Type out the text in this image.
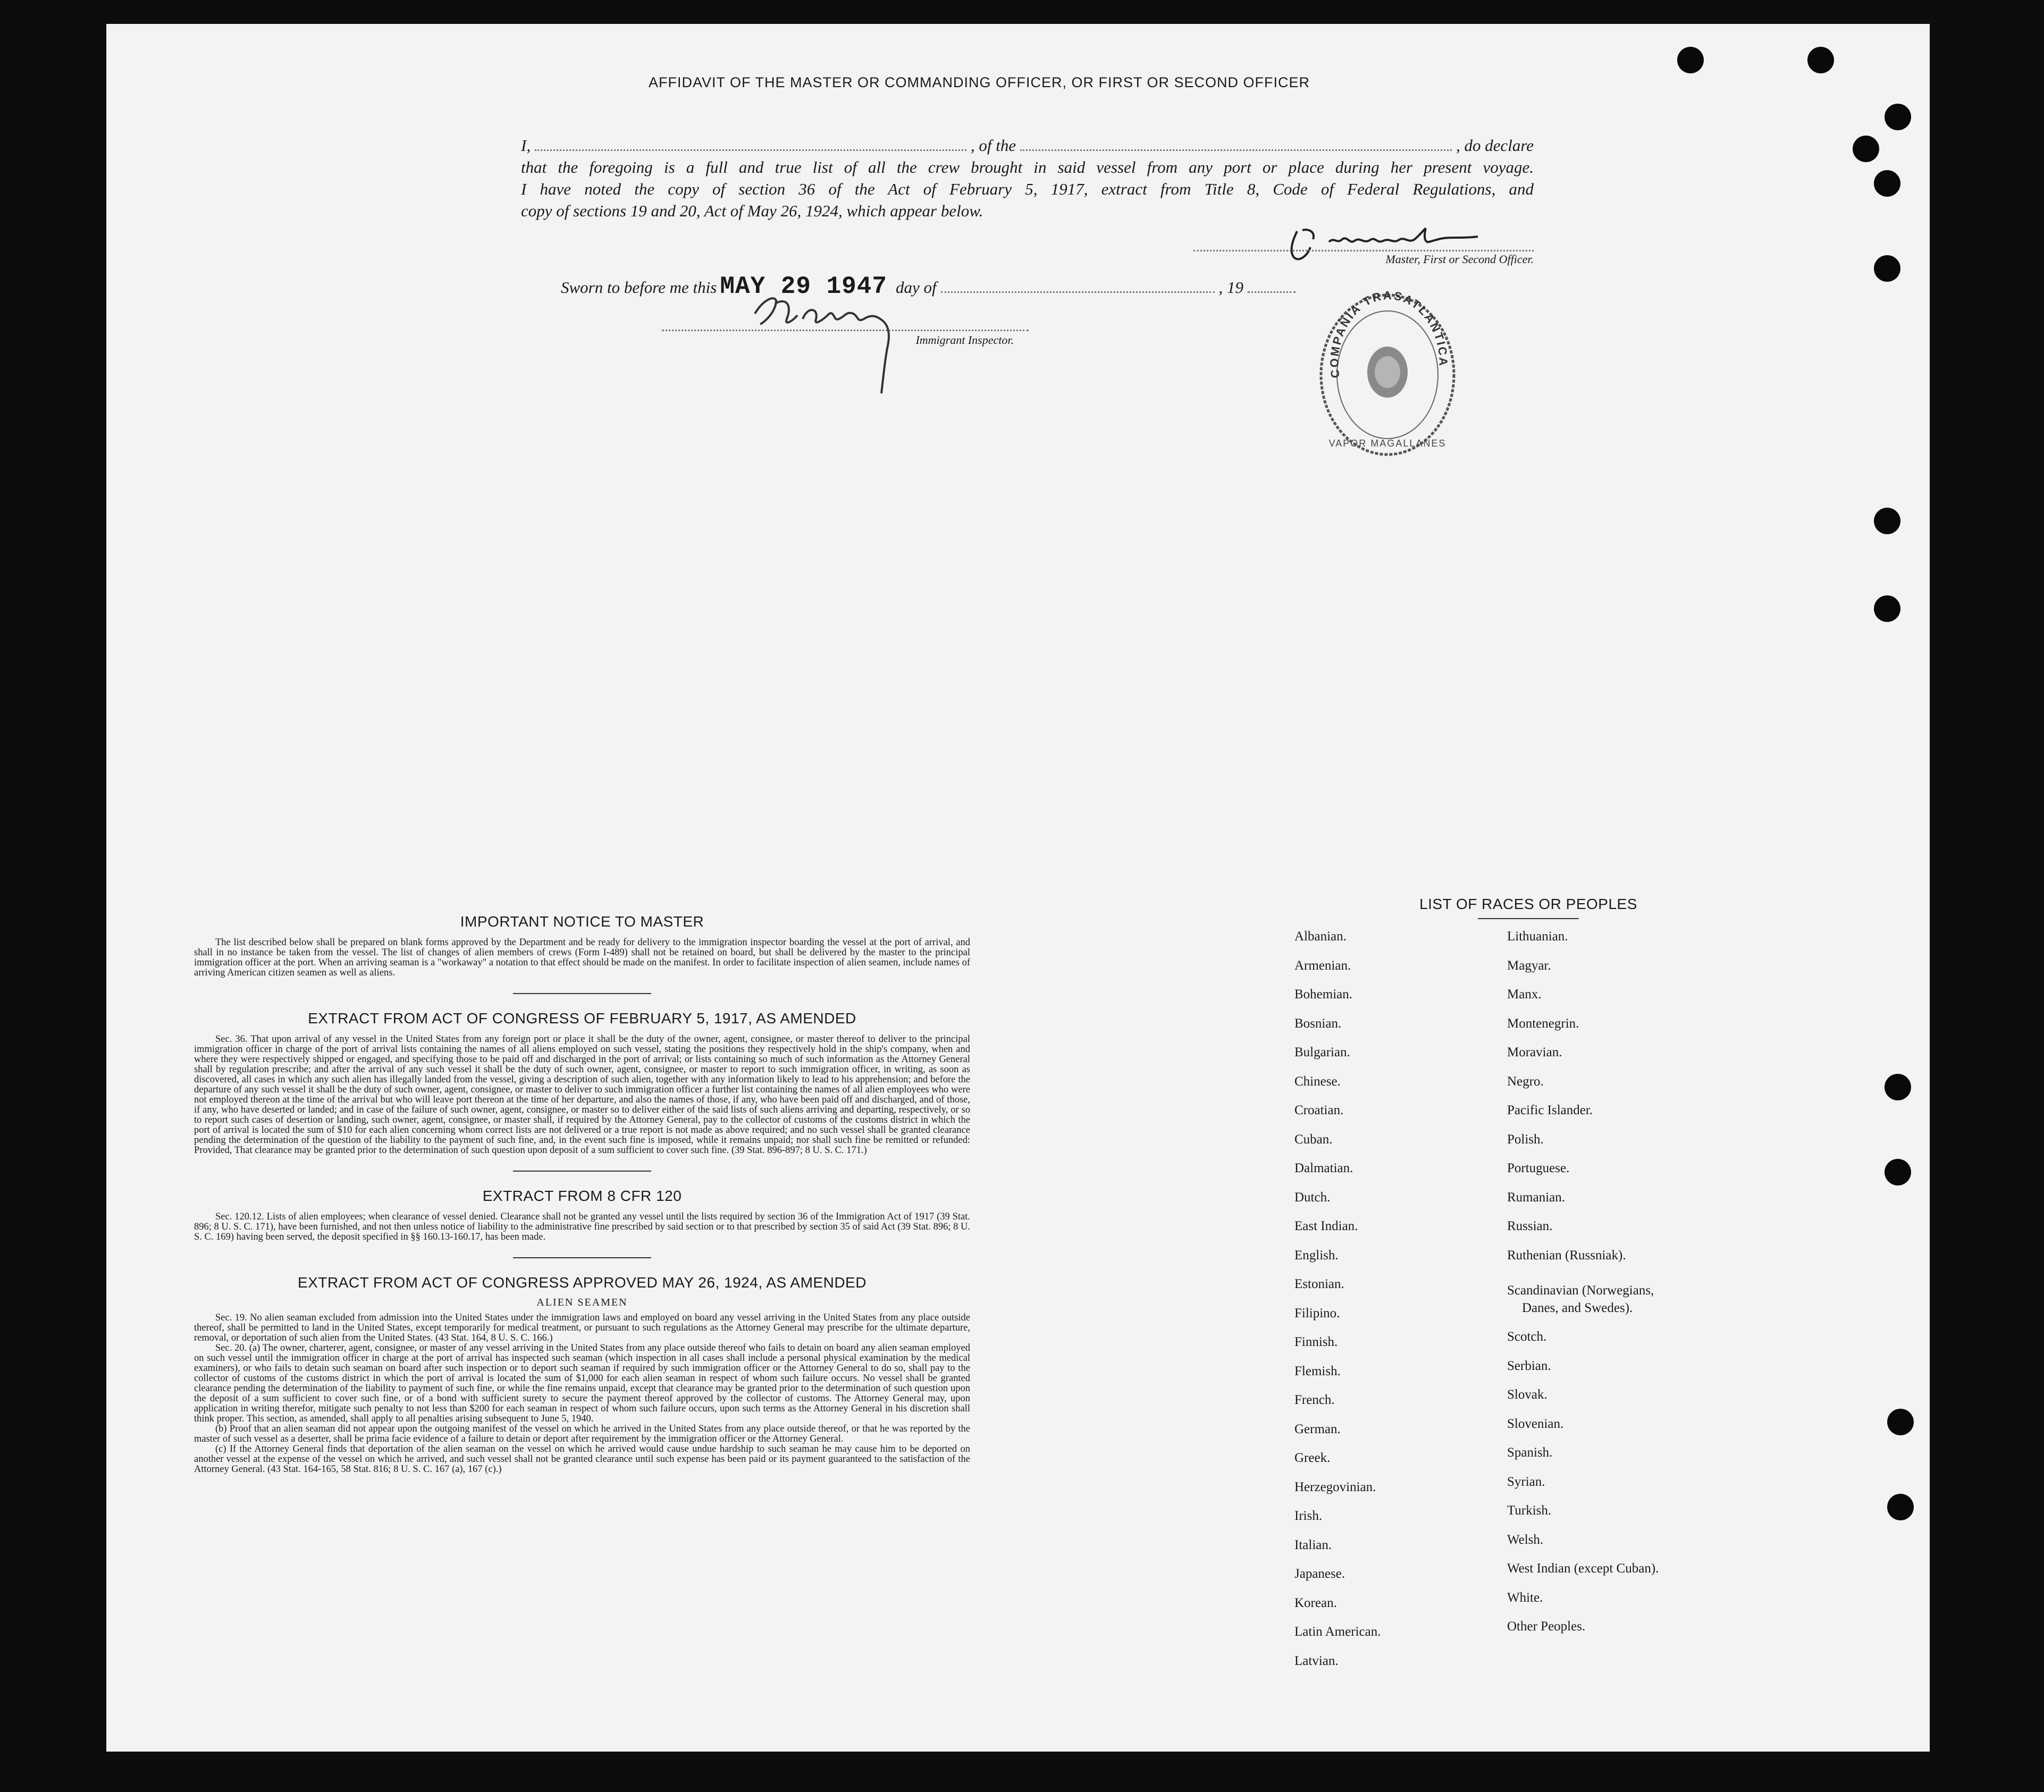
AFFIDAVIT OF THE MASTER OR COMMANDING OFFICER, OR FIRST OR SECOND OFFICER
I,	, of the	, do declare
that the foregoing is a full and true list of all the crew brought in said vessel from any port or place during her present voyage.
I have noted the copy of section 36 of the Act of February 5, 1917, extract from Title 8, Code of Federal Regulations, and
copy of sections 19 and 20, Act of May 26, 1924, which appear below.
Master, First or Second Officer.
Sworn to before me this MAY 29 1947 day of	, 19
Immigrant Inspector.
COMPAÑIA TRASATLANTICA
VAPOR MAGALLANES
IMPORTANT NOTICE TO MASTER

The list described below shall be prepared on blank forms approved by the Department and be ready for delivery to the immigration inspector boarding the vessel at the port of arrival, and shall in no instance be taken from the vessel. The list of changes of alien members of crews (Form I-489) shall not be retained on board, but shall be delivered by the master to the principal immigration officer at the port. When an arriving seaman is a "workaway" a notation to that effect should be made on the manifest. In order to facilitate inspection of alien seamen, include names of arriving American citizen seamen as well as aliens.

EXTRACT FROM ACT OF CONGRESS OF FEBRUARY 5, 1917, AS AMENDED

Sec. 36. That upon arrival of any vessel in the United States from any foreign port or place it shall be the duty of the owner, agent, consignee, or master thereof to deliver to the principal immigration officer in charge of the port of arrival lists containing the names of all aliens employed on such vessel, stating the positions they respectively hold in the ship's company, when and where they were respectively shipped or engaged, and specifying those to be paid off and discharged in the port of arrival; or lists containing so much of such information as the Attorney General shall by regulation prescribe; and after the arrival of any such vessel it shall be the duty of such owner, agent, consignee, or master to report to such immigration officer, in writing, as soon as discovered, all cases in which any such alien has illegally landed from the vessel, giving a description of such alien, together with any information likely to lead to his apprehension; and before the departure of any such vessel it shall be the duty of such owner, agent, consignee, or master to deliver to such immigration officer a further list containing the names of all alien employees who were not employed thereon at the time of the arrival but who will leave port thereon at the time of her departure, and also the names of those, if any, who have been paid off and discharged, and of those, if any, who have deserted or landed; and in case of the failure of such owner, agent, consignee, or master so to deliver either of the said lists of such aliens arriving and departing, respectively, or so to report such cases of desertion or landing, such owner, agent, consignee, or master shall, if required by the Attorney General, pay to the collector of customs of the customs district in which the port of arrival is located the sum of $10 for each alien concerning whom correct lists are not delivered or a true report is not made as above required; and no such vessel shall be granted clearance pending the determination of the question of the liability to the payment of such fine, and, in the event such fine is imposed, while it remains unpaid; nor shall such fine be remitted or refunded: Provided, That clearance may be granted prior to the determination of such question upon deposit of a sum sufficient to cover such fine. (39 Stat. 896-897; 8 U. S. C. 171.)

EXTRACT FROM 8 CFR 120

Sec. 120.12. Lists of alien employees; when clearance of vessel denied. Clearance shall not be granted any vessel until the lists required by section 36 of the Immigration Act of 1917 (39 Stat. 896; 8 U. S. C. 171), have been furnished, and not then unless notice of liability to the administrative fine prescribed by said section or to that prescribed by section 35 of said Act (39 Stat. 896; 8 U. S. C. 169) having been served, the deposit specified in §§ 160.13-160.17, has been made.

EXTRACT FROM ACT OF CONGRESS APPROVED MAY 26, 1924, AS AMENDED
ALIEN SEAMEN

Sec. 19. No alien seaman excluded from admission into the United States under the immigration laws and employed on board any vessel arriving in the United States from any place outside thereof, shall be permitted to land in the United States, except temporarily for medical treatment, or pursuant to such regulations as the Attorney General may prescribe for the ultimate departure, removal, or deportation of such alien from the United States. (43 Stat. 164, 8 U. S. C. 166.)

Sec. 20. (a) The owner, charterer, agent, consignee, or master of any vessel arriving in the United States from any place outside thereof who fails to detain on board any alien seaman employed on such vessel until the immigration officer in charge at the port of arrival has inspected such seaman (which inspection in all cases shall include a personal physical examination by the medical examiners), or who fails to detain such seaman on board after such inspection or to deport such seaman if required by such immigration officer or the Attorney General to do so, shall pay to the collector of customs of the customs district in which the port of arrival is located the sum of $1,000 for each alien seaman in respect of whom such failure occurs. No vessel shall be granted clearance pending the determination of the liability to payment of such fine, or while the fine remains unpaid, except that clearance may be granted prior to the determination of such question upon the deposit of a sum sufficient to cover such fine, or of a bond with sufficient surety to secure the payment thereof approved by the collector of customs. The Attorney General may, upon application in writing therefor, mitigate such penalty to not less than $200 for each seaman in respect of whom such failure occurs, upon such terms as the Attorney General in his discretion shall think proper. This section, as amended, shall apply to all penalties arising subsequent to June 5, 1940.

(b) Proof that an alien seaman did not appear upon the outgoing manifest of the vessel on which he arrived in the United States from any place outside thereof, or that he was reported by the master of such vessel as a deserter, shall be prima facie evidence of a failure to detain or deport after requirement by the immigration officer or the Attorney General.

(c) If the Attorney General finds that deportation of the alien seaman on the vessel on which he arrived would cause undue hardship to such seaman he may cause him to be deported on another vessel at the expense of the vessel on which he arrived, and such vessel shall not be granted clearance until such expense has been paid or its payment guaranteed to the satisfaction of the Attorney General. (43 Stat. 164-165, 58 Stat. 816; 8 U. S. C. 167 (a), 167 (c).)

LIST OF RACES OR PEOPLES
Albanian.
Armenian.
Bohemian.
Bosnian.
Bulgarian.
Chinese.
Croatian.
Cuban.
Dalmatian.
Dutch.
East Indian.
English.
Estonian.
Filipino.
Finnish.
Flemish.
French.
German.
Greek.
Herzegovinian.
Irish.
Italian.
Japanese.
Korean.
Latin American.
Latvian.
Lithuanian.
Magyar.
Manx.
Montenegrin.
Moravian.
Negro.
Pacific Islander.
Polish.
Portuguese.
Rumanian.
Russian.
Ruthenian (Russniak).
Scandinavian (Norwegians,
Danes, and Swedes).
Scotch.
Serbian.
Slovak.
Slovenian.
Spanish.
Syrian.
Turkish.
Welsh.
West Indian (except Cuban).
White.
Other Peoples.
